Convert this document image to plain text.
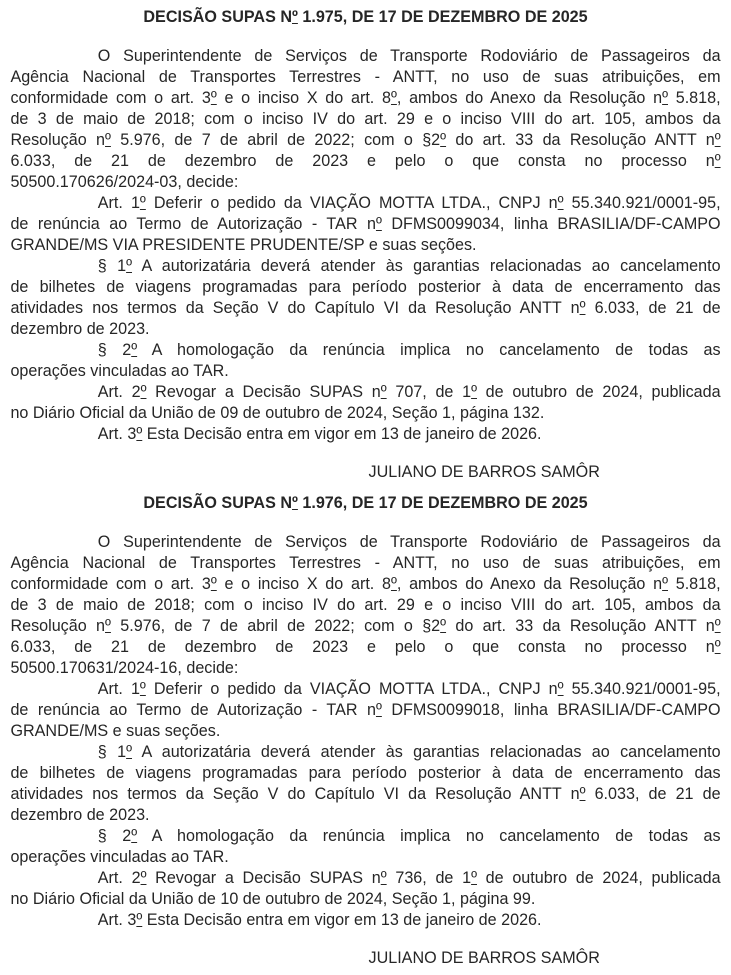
DECISÃO SUPAS Nº 1.975, DE 17 DE DEZEMBRO DE 2025
O Superintendente de Serviços de Transporte Rodoviário de Passageiros da
Agência Nacional de Transportes Terrestres - ANTT, no uso de suas atribuições, em
conformidade com o art. 3º e o inciso X do art. 8º, ambos do Anexo da Resolução nº 5.818,
de 3 de maio de 2018; com o inciso IV do art. 29 e o inciso VIII do art. 105, ambos da
Resolução nº 5.976, de 7 de abril de 2022; com o §2º do art. 33 da Resolução ANTT nº
6.033, de 21 de dezembro de 2023 e pelo o que consta no processo nº
50500.170626/2024-03, decide:
Art. 1º Deferir o pedido da VIAÇÃO MOTTA LTDA., CNPJ nº 55.340.921/0001-95,
de renúncia ao Termo de Autorização - TAR nº DFMS0099034, linha BRASILIA/DF-CAMPO
GRANDE/MS VIA PRESIDENTE PRUDENTE/SP e suas seções.
§ 1º A autorizatária deverá atender às garantias relacionadas ao cancelamento
de bilhetes de viagens programadas para período posterior à data de encerramento das
atividades nos termos da Seção V do Capítulo VI da Resolução ANTT nº 6.033, de 21 de
dezembro de 2023.
§ 2º A homologação da renúncia implica no cancelamento de todas as
operações vinculadas ao TAR.
Art. 2º Revogar a Decisão SUPAS nº 707, de 1º de outubro de 2024, publicada
no Diário Oficial da União de 09 de outubro de 2024, Seção 1, página 132.
Art. 3º Esta Decisão entra em vigor em 13 de janeiro de 2026.
JULIANO DE BARROS SAMÔR
DECISÃO SUPAS Nº 1.976, DE 17 DE DEZEMBRO DE 2025
O Superintendente de Serviços de Transporte Rodoviário de Passageiros da
Agência Nacional de Transportes Terrestres - ANTT, no uso de suas atribuições, em
conformidade com o art. 3º e o inciso X do art. 8º, ambos do Anexo da Resolução nº 5.818,
de 3 de maio de 2018; com o inciso IV do art. 29 e o inciso VIII do art. 105, ambos da
Resolução nº 5.976, de 7 de abril de 2022; com o §2º do art. 33 da Resolução ANTT nº
6.033, de 21 de dezembro de 2023 e pelo o que consta no processo nº
50500.170631/2024-16, decide:
Art. 1º Deferir o pedido da VIAÇÃO MOTTA LTDA., CNPJ nº 55.340.921/0001-95,
de renúncia ao Termo de Autorização - TAR nº DFMS0099018, linha BRASILIA/DF-CAMPO
GRANDE/MS e suas seções.
§ 1º A autorizatária deverá atender às garantias relacionadas ao cancelamento
de bilhetes de viagens programadas para período posterior à data de encerramento das
atividades nos termos da Seção V do Capítulo VI da Resolução ANTT nº 6.033, de 21 de
dezembro de 2023.
§ 2º A homologação da renúncia implica no cancelamento de todas as
operações vinculadas ao TAR.
Art. 2º Revogar a Decisão SUPAS nº 736, de 1º de outubro de 2024, publicada
no Diário Oficial da União de 10 de outubro de 2024, Seção 1, página 99.
Art. 3º Esta Decisão entra em vigor em 13 de janeiro de 2026.
JULIANO DE BARROS SAMÔR
